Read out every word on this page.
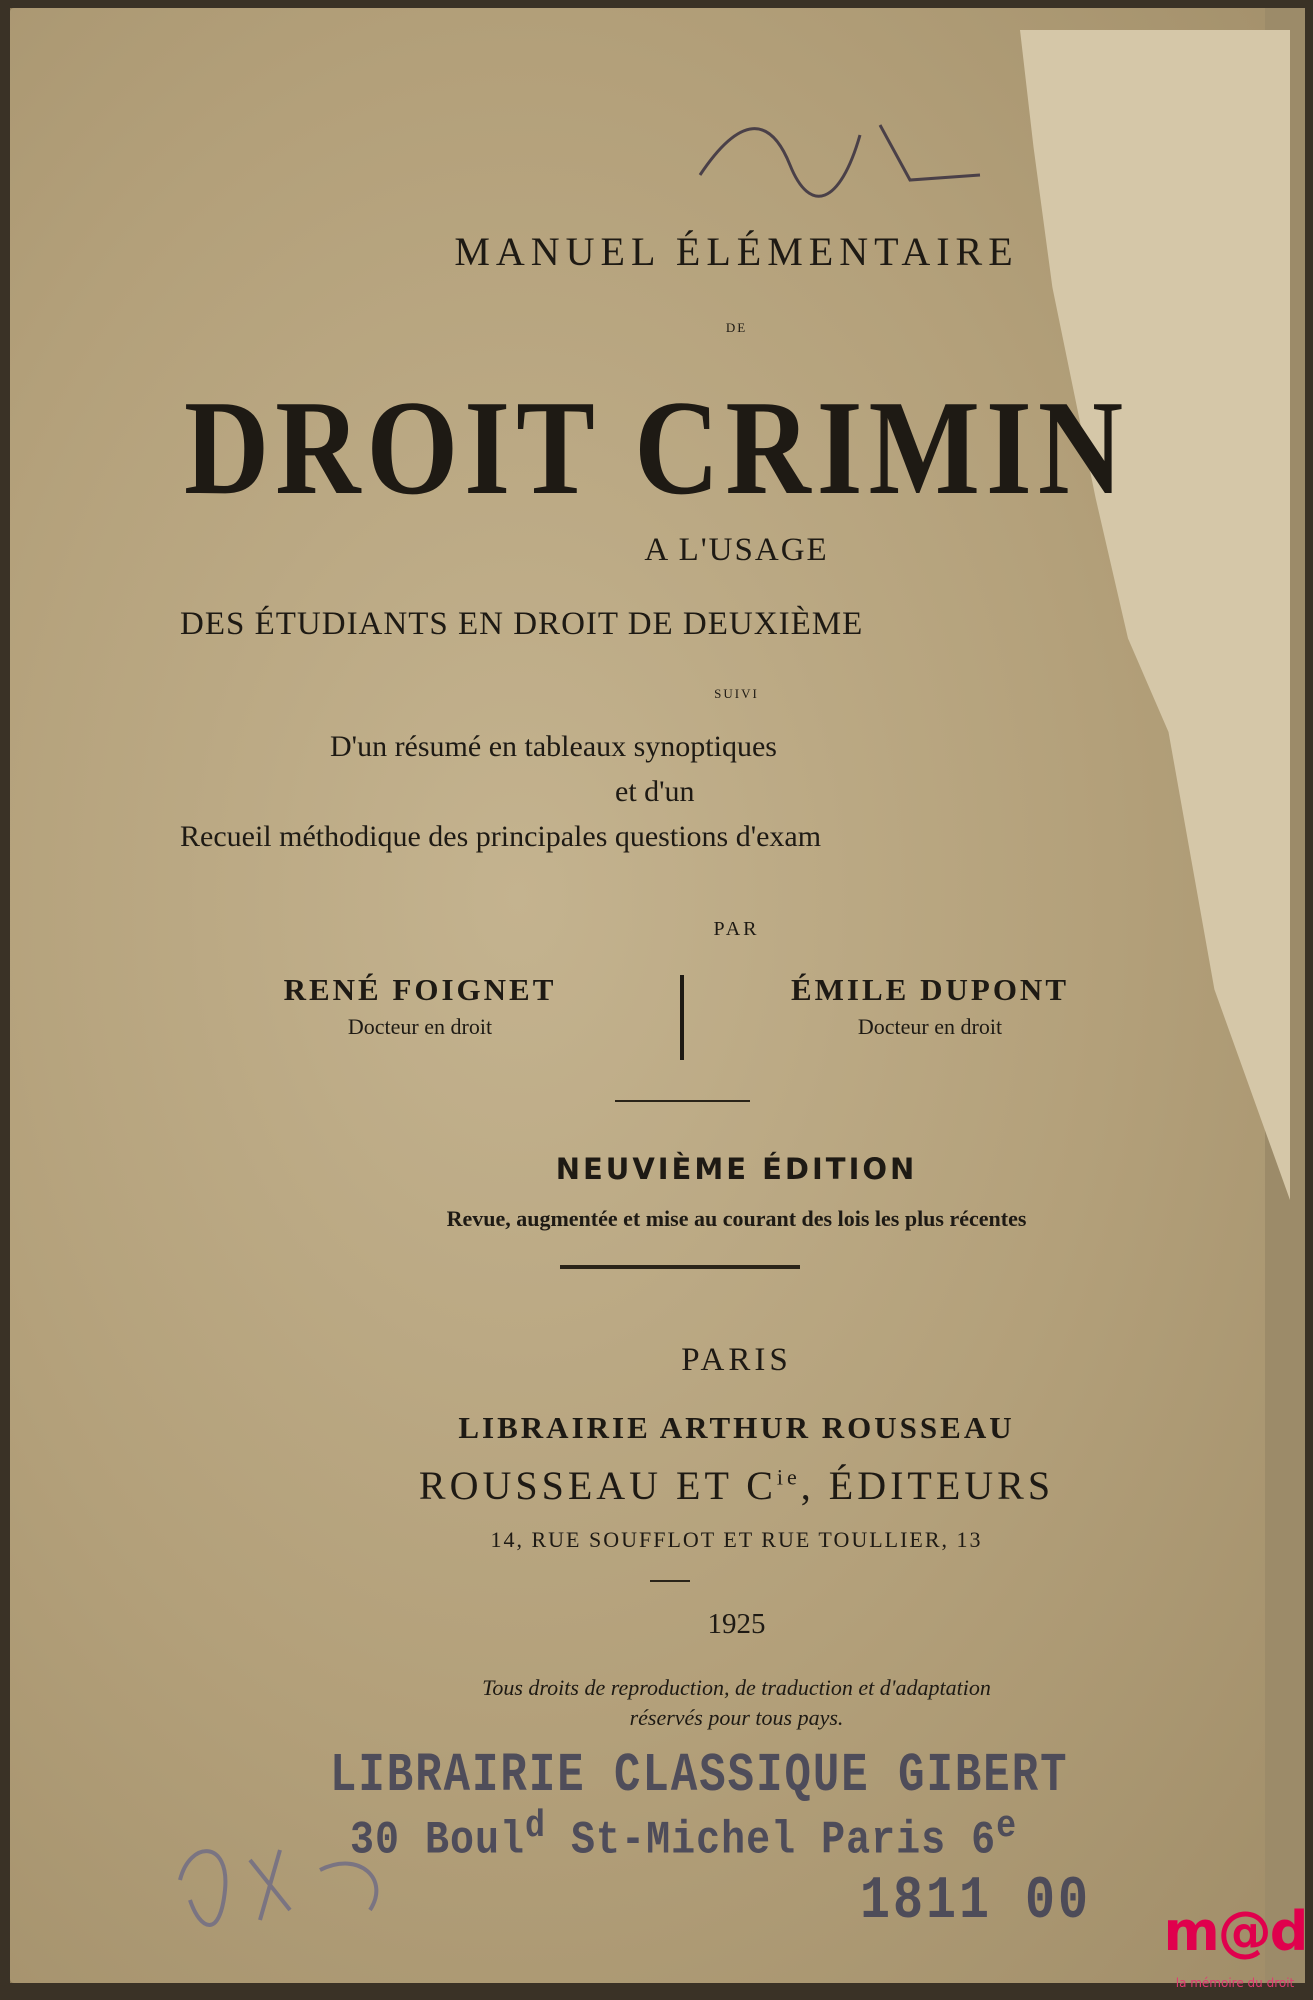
MANUEL ÉLÉMENTAIRE

DE

DROIT CRIMIN

A L'USAGE

DES ÉTUDIANTS EN DROIT DE DEUXIÈME

SUIVI

D'un résumé en tableaux synoptiques

et d'un

Recueil méthodique des principales questions d'exam

PAR

RENÉ FOIGNET
Docteur en droit
ÉMILE DUPONT
Docteur en droit

NEUVIÈME ÉDITION

Revue, augmentée et mise au courant des lois les plus récentes

PARIS

LIBRAIRIE ARTHUR ROUSSEAU

ROUSSEAU ET $C^{ie}$, ÉDITEURS

14, RUE SOUFFLOT ET RUE TOULLIER, 13

1925

Tous droits de reproduction, de traduction et d'adaptation

réservés pour tous pays.

LIBRAIRIE CLASSIQUE GIBERT
30 Boul$^d$ St-Michel Paris 6e
1811 00 m@d
la mémoire du droit
